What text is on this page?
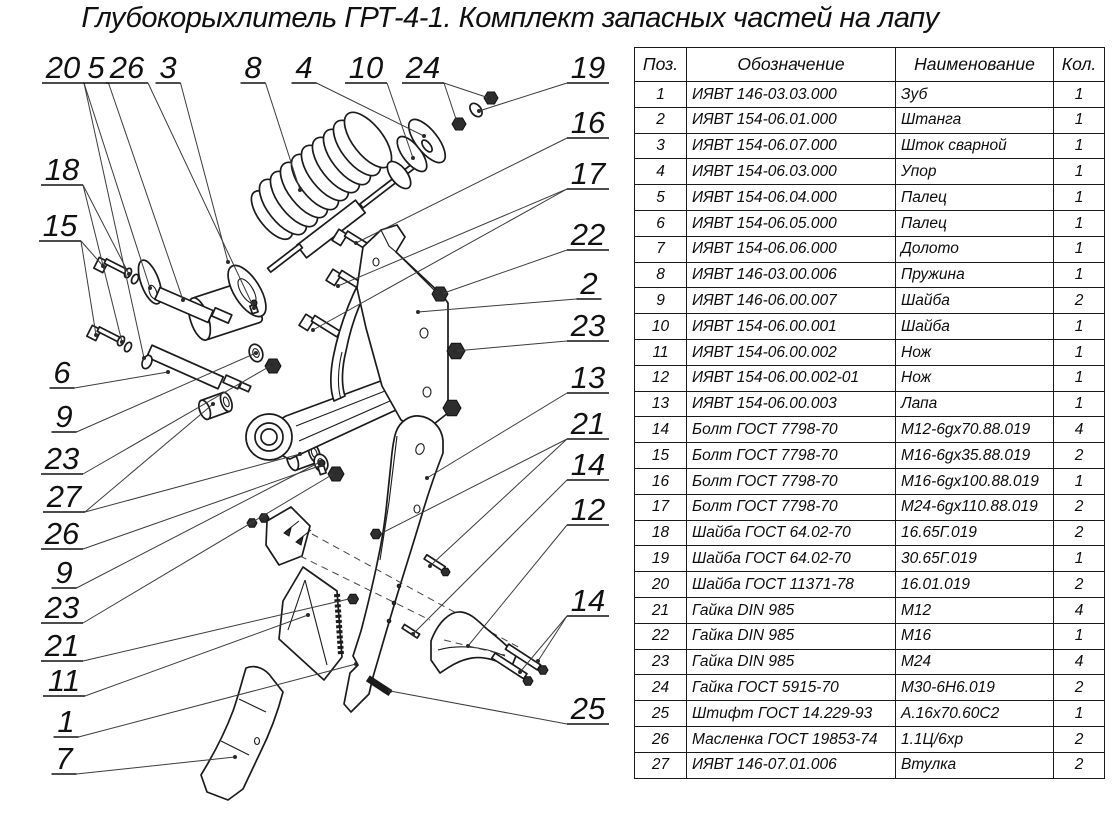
Глубокорыхлитель ГРТ-4-1. Комплект запасных частей на лапу
20 5 26 3 8 4 10 24	19
16
17
22
2
23
13
21
14
12
14
25
18
15
6
9
23
27
26
9
23
21
11
1
7
Поз.	Обозначение	Наименование	Кол.
1	ИЯВТ 146-03.03.000	Зуб	1
2	ИЯВТ 154-06.01.000	Штанга	1
3	ИЯВТ 154-06.07.000	Шток сварной	1
4	ИЯВТ 154-06.03.000	Упор	1
5	ИЯВТ 154-06.04.000	Палец	1
6	ИЯВТ 154-06.05.000	Палец	1
7	ИЯВТ 154-06.06.000	Долото	1
8	ИЯВТ 146-03.00.006	Пружина	1
9	ИЯВТ 146-06.00.007	Шайба	2
10	ИЯВТ 154-06.00.001	Шайба	1
11	ИЯВТ 154-06.00.002	Нож	1
12	ИЯВТ 154-06.00.002-01	Нож	1
13	ИЯВТ 154-06.00.003	Лапа	1
14	Болт ГОСТ 7798-70	М12-6gх70.88.019	4
15	Болт ГОСТ 7798-70	М16-6gх35.88.019	2
16	Болт ГОСТ 7798-70	М16-6gх100.88.019	1
17	Болт ГОСТ 7798-70	М24-6gх110.88.019	2
18	Шайба ГОСТ 64.02-70	16.65Г.019	2
19	Шайба ГОСТ 64.02-70	30.65Г.019	1
20	Шайба ГОСТ 11371-78	16.01.019	2
21	Гайка DIN 985	М12	4
22	Гайка DIN 985	М16	1
23	Гайка DIN 985	М24	4
24	Гайка ГОСТ 5915-70	М30-6Н6.019	2
25	Штифт ГОСТ 14.229-93	А.16х70.60С2	1
26	Масленка ГОСТ 19853-74	1.1Ц/6хр	2
27	ИЯВТ 146-07.01.006	Втулка	2
